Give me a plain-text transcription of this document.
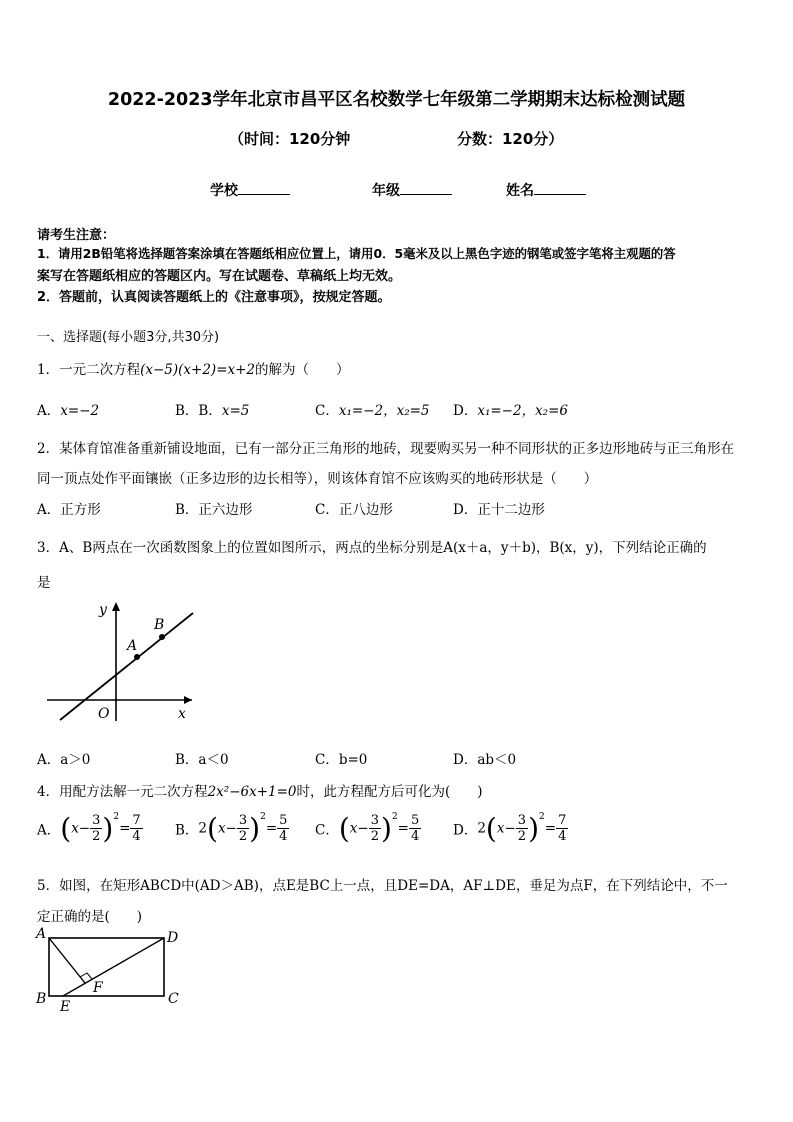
2022-2023学年北京市昌平区名校数学七年级第二学期期末达标检测试题
（时间：120分钟	分数：120分）
学校	年级	姓名
请考生注意：
1．请用2B铅笔将选择题答案涂填在答题纸相应位置上，请用0．5毫米及以上黑色字迹的钢笔或签字笔将主观题的答
案写在答题纸相应的答题区内。写在试题卷、草稿纸上均无效。
2．答题前，认真阅读答题纸上的《注意事项》，按规定答题。
一、选择题(每小题3分,共30分)
1．一元二次方程(x−5)(x+2)=x+2的解为（　　）
A．x=−2	B．B．x=5	C．x₁=−2，x₂=5 D．x₁=−2，x₂=6
2．某体育馆准备重新铺设地面，已有一部分正三角形的地砖，现要购买另一种不同形状的正多边形地砖与正三角形在
同一顶点处作平面镶嵌（正多边形的边长相等），则该体育馆不应该购买的地砖形状是（　　）
A．正方形	B．正六边形	C．正八边形	D．正十二边形
3．A、B两点在一次函数图象上的位置如图所示，两点的坐标分别是A(x＋a，y＋b)，B(x，y)，下列结论正确的
是
y
x
O
A
B
A．a＞0	B．a＜0	C．b=0	D．ab＜0
4．用配方法解一元二次方程2x²−6x+1=0时，此方程配方后可化为(　　)
A．$(x- \frac{3}{2} )^2= \frac{7}{4}$ B．$2(x- \frac{3}{2} )^2= \frac{5}{4}$ C．$(x- \frac{3}{2} )^2= \frac{5}{4}$ D．$2(x- \frac{3}{2} )^2= \frac{7}{4}$
5．如图，在矩形ABCD中(AD＞AB)，点E是BC上一点，且DE=DA，AF⊥DE，垂足为点F，在下列结论中，不一
定正确的是(　　)
A	D
B	C
E
F
